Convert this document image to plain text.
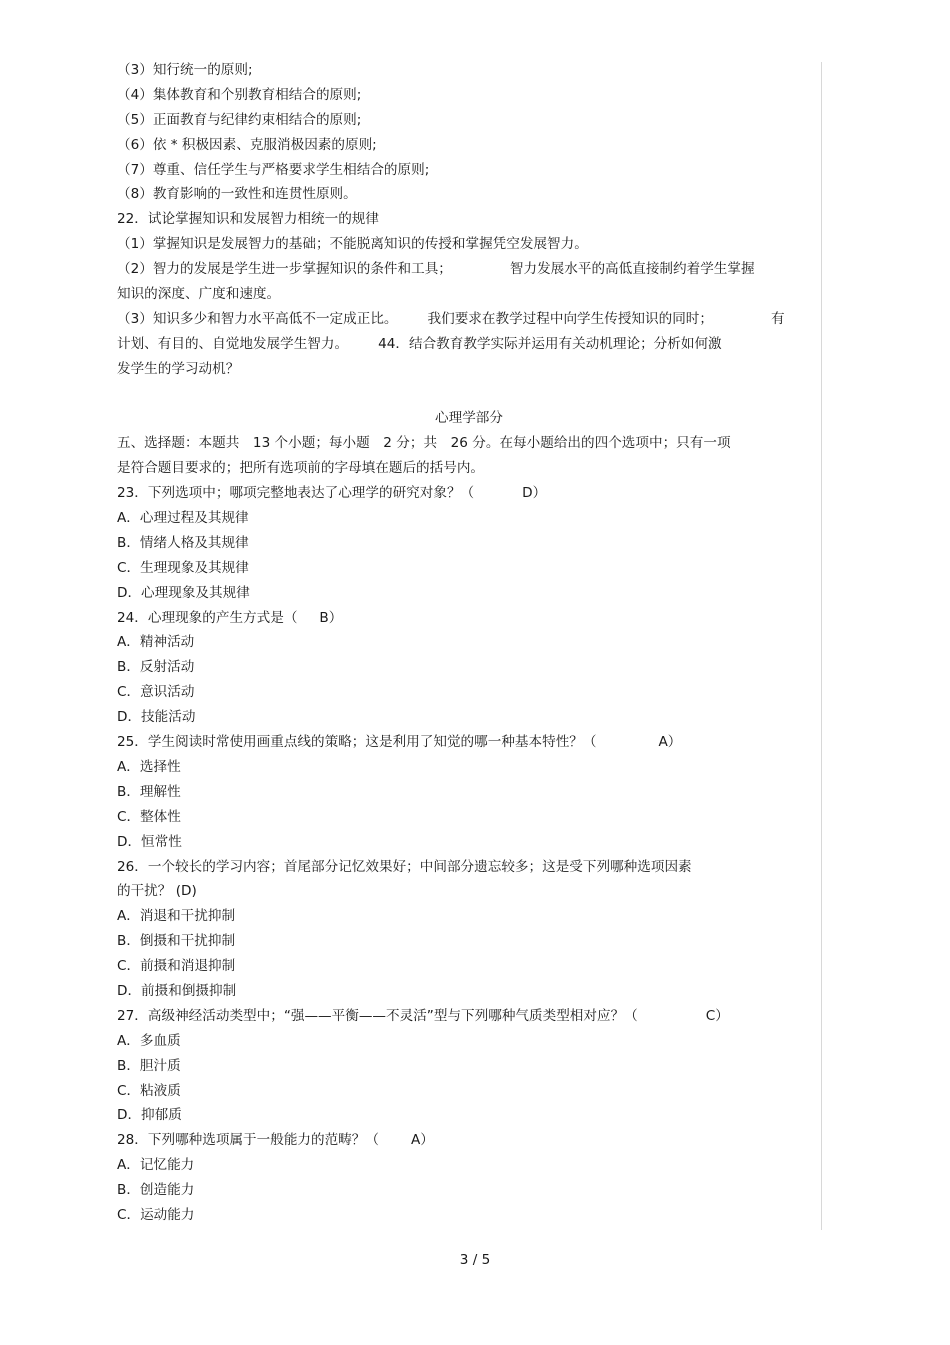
（3）知行统一的原则;
（4）集体教育和个别教育相结合的原则;
（5）正面教育与纪律约束相结合的原则;
（6）依 * 积极因素、克服消极因素的原则;
（7）尊重、信任学生与严格要求学生相结合的原则;
（8）教育影响的一致性和连贯性原则。
22．试论掌握知识和发展智力相统一的规律
（1）掌握知识是发展智力的基础；不能脱离知识的传授和掌握凭空发展智力。
（2）智力的发展是学生进一步掌握知识的条件和工具；	智力发展水平的高低直接制约着学生掌握
知识的深度、广度和速度。
（3）知识多少和智力水平高低不一定成正比。 我们要求在教学过程中向学生传授知识的同时；	有
计划、有目的、自觉地发展学生智力。 44．结合教育教学实际并运用有关动机理论；分析如何激
发学生的学习动机？
心理学部分
五、选择题：本题共　13 个小题；每小题　2 分；共　26 分。在每小题给出的四个选项中；只有一项
是符合题目要求的；把所有选项前的字母填在题后的括号内。
23．下列选项中；哪项完整地表达了心理学的研究对象？（	D）
A．心理过程及其规律
B．情绪人格及其规律
C．生理现象及其规律
D．心理现象及其规律
24．心理现象的产生方式是（ B）
A．精神活动
B．反射活动
C．意识活动
D．技能活动
25．学生阅读时常使用画重点线的策略；这是利用了知觉的哪一种基本特性？（	A）
A．选择性
B．理解性
C．整体性
D．恒常性
26．一个较长的学习内容；首尾部分记忆效果好；中间部分遗忘较多；这是受下列哪种选项因素
的干扰？ (D)
A．消退和干扰抑制
B．倒摄和干扰抑制
C．前摄和消退抑制
D．前摄和倒摄抑制
27．高级神经活动类型中；“强——平衡——不灵活”型与下列哪种气质类型相对应？（	C）
A．多血质
B．胆汁质
C．粘液质
D．抑郁质
28．下列哪种选项属于一般能力的范畴？（ A）
A．记忆能力
B．创造能力
C．运动能力
3 / 5
